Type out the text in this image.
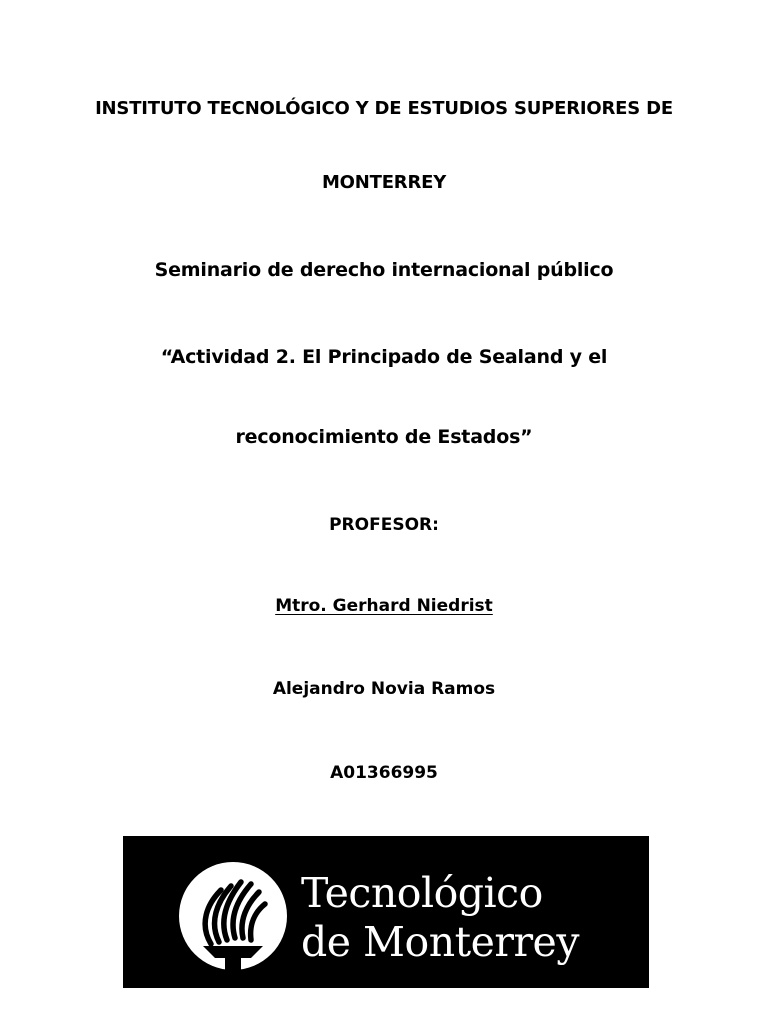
INSTITUTO TECNOLÓGICO Y DE ESTUDIOS SUPERIORES DE
MONTERREY
Seminario de derecho internacional público
“Actividad 2. El Principado de Sealand y el
reconocimiento de Estados”
PROFESOR:
Mtro. Gerhard Niedrist
Alejandro Novia Ramos
A01366995
Tecnológico
de Monterrey
